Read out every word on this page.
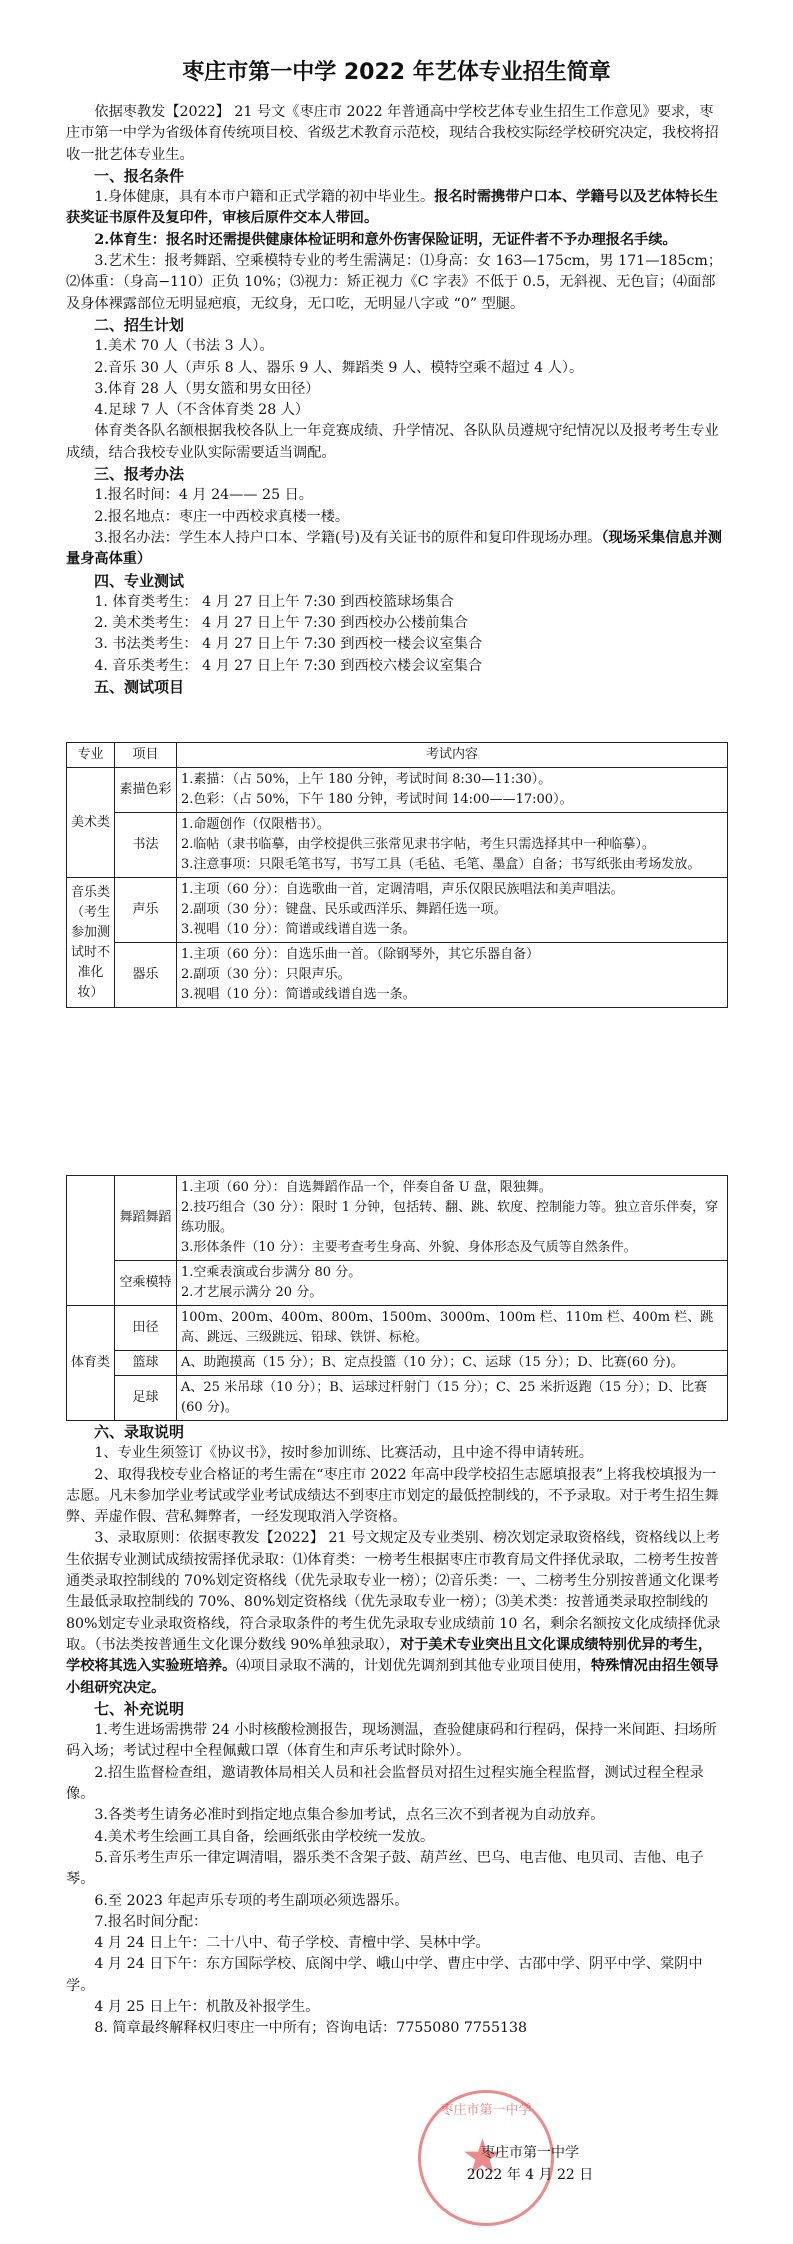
枣庄市第一中学 2022 年艺体专业招生简章

依据枣教发【2022】 21 号文《枣庄市 2022 年普通高中学校艺体专业生招生工作意见》要求，枣庄市第一中学为省级体育传统项目校、省级艺术教育示范校，现结合我校实际经学校研究决定，我校将招收一批艺体专业生。

一、报名条件

1.身体健康，具有本市户籍和正式学籍的初中毕业生。报名时需携带户口本、学籍号以及艺体特长生获奖证书原件及复印件，审核后原件交本人带回。

2.体育生：报名时还需提供健康体检证明和意外伤害保险证明，无证件者不予办理报名手续。

3.艺术生：报考舞蹈、空乘模特专业的考生需满足：⑴身高：女 163—175cm，男 171—185cm；⑵体重：（身高−110）正负 10%；⑶视力：矫正视力《C 字表》不低于 0.5，无斜视、无色盲；⑷面部及身体裸露部位无明显疤痕，无纹身，无口吃，无明显八字或 “0” 型腿。

二、招生计划

1.美术 70 人（书法 3 人）。

2.音乐 30 人（声乐 8 人、器乐 9 人、舞蹈类 9 人、模特空乘不超过 4 人）。

3.体育 28 人（男女篮和男女田径）

4.足球 7 人（不含体育类 28 人）

体育类各队名额根据我校各队上一年竞赛成绩、升学情况、各队队员遵规守纪情况以及报考考生专业成绩，结合我校专业队实际需要适当调配。

三、报考办法

1.报名时间：4 月 24—— 25 日。

2.报名地点：枣庄一中西校求真楼一楼。

3.报名办法：学生本人持户口本、学籍(号)及有关证书的原件和复印件现场办理。（现场采集信息并测量身高体重）

四、专业测试

1. 体育类考生： 4 月 27 日上午 7:30 到西校篮球场集合

2. 美术类考生： 4 月 27 日上午 7:30 到西校办公楼前集合

3. 书法类考生： 4 月 27 日上午 7:30 到西校一楼会议室集合

4. 音乐类考生： 4 月 27 日上午 7:30 到西校六楼会议室集合

五、测试项目

专业	项目	考试内容
美术类	素描色彩	1.素描：（占 50%，上午 180 分钟，考试时间 8:30—11:30）。
2.色彩：（占 50%，下午 180 分钟，考试时间 14:00——17:00）。

	书法	1.命题创作（仅限楷书）。
2.临帖（隶书临摹，由学校提供三张常见隶书字帖，考生只需选择其中一种临摹）。
3.注意事项：只限毛笔书写，书写工具（毛毡、毛笔、墨盒）自备；书写纸张由考场发放。

音乐类（考生参加测试时不准化妆）	声乐	1.主项（60 分）：自选歌曲一首，定调清唱，声乐仅限民族唱法和美声唱法。
2.副项（30 分）：键盘、民乐或西洋乐、舞蹈任选一项。
3.视唱（10 分）：简谱或线谱自选一条。

	器乐	1.主项（60 分）：自选乐曲一首。（除钢琴外，其它乐器自备）
2.副项（30 分）：只限声乐。
3.视唱（10 分）：简谱或线谱自选一条。
	舞蹈舞蹈	1.主项（60 分）：自选舞蹈作品一个，伴奏自备 U 盘，限独舞。
2.技巧组合（30 分）：限时 1 分钟，包括转、翻、跳、软度、控制能力等。独立音乐伴奏，穿练功服。
3.形体条件（10 分）：主要考查考生身高、外貌、身体形态及气质等自然条件。

	空乘模特	1.空乘表演或台步满分 80 分。
2.才艺展示满分 20 分。

体育类	田径	100m、200m、400m、800m、1500m、3000m、100m 栏、110m 栏、400m 栏、跳高、跳远、三级跳远、铅球、铁饼、标枪。
	篮球	A、助跑摸高（15 分）；B、定点投篮（10 分）；C、运球（15 分）；D、比赛(60 分)。
	足球	A、25 米吊球（10 分）；B、运球过杆射门（15 分）；C、25 米折返跑（15 分）；D、比赛(60 分)。

六、录取说明

1、专业生须签订《协议书》，按时参加训练、比赛活动，且中途不得申请转班。

2、取得我校专业合格证的考生需在“枣庄市 2022 年高中段学校招生志愿填报表”上将我校填报为一志愿。凡未参加学业考试或学业考试成绩达不到枣庄市划定的最低控制线的，不予录取。对于考生招生舞弊、弄虚作假、营私舞弊者，一经发现取消入学资格。

3、录取原则：依据枣教发【2022】 21 号文规定及专业类别、榜次划定录取资格线，资格线以上考生依据专业测试成绩按需择优录取：⑴体育类：一榜考生根据枣庄市教育局文件择优录取，二榜考生按普通类录取控制线的 70%划定资格线（优先录取专业一榜）；⑵音乐类：一、二榜考生分别按普通文化课考生最低录取控制线的 70%、80%划定资格线（优先录取专业一榜）；⑶美术类：按普通类录取控制线的 80%划定专业录取资格线，符合录取条件的考生优先录取专业成绩前 10 名，剩余名额按文化成绩择优录取。（书法类按普通生文化课分数线 90%单独录取），对于美术专业突出且文化课成绩特别优异的考生，学校将其选入实验班培养。⑷项目录取不满的，计划优先调剂到其他专业项目使用，特殊情况由招生领导小组研究决定。

七、补充说明

1.考生进场需携带 24 小时核酸检测报告，现场测温，查验健康码和行程码，保持一米间距、扫场所码入场；考试过程中全程佩戴口罩（体育生和声乐考试时除外）。

2.招生监督检查组，邀请教体局相关人员和社会监督员对招生过程实施全程监督，测试过程全程录像。

3.各类考生请务必准时到指定地点集合参加考试，点名三次不到者视为自动放弃。

4.美术考生绘画工具自备，绘画纸张由学校统一发放。

5.音乐考生声乐一律定调清唱，器乐类不含架子鼓、葫芦丝、巴乌、电吉他、电贝司、吉他、电子琴。

6.至 2023 年起声乐专项的考生副项必须选器乐。

7.报名时间分配：

4 月 24 日上午：二十八中、荀子学校、青檀中学、吴林中学。

4 月 24 日下午：东方国际学校、底阁中学、峨山中学、曹庄中学、古邵中学、阴平中学、棠阴中学。

4 月 25 日上午：机散及补报学生。

8. 简章最终解释权归枣庄一中所有；咨询电话：7755080 7755138

枣庄市第一中学
★
枣庄市第一中学
2022 年 4 月 22 日
